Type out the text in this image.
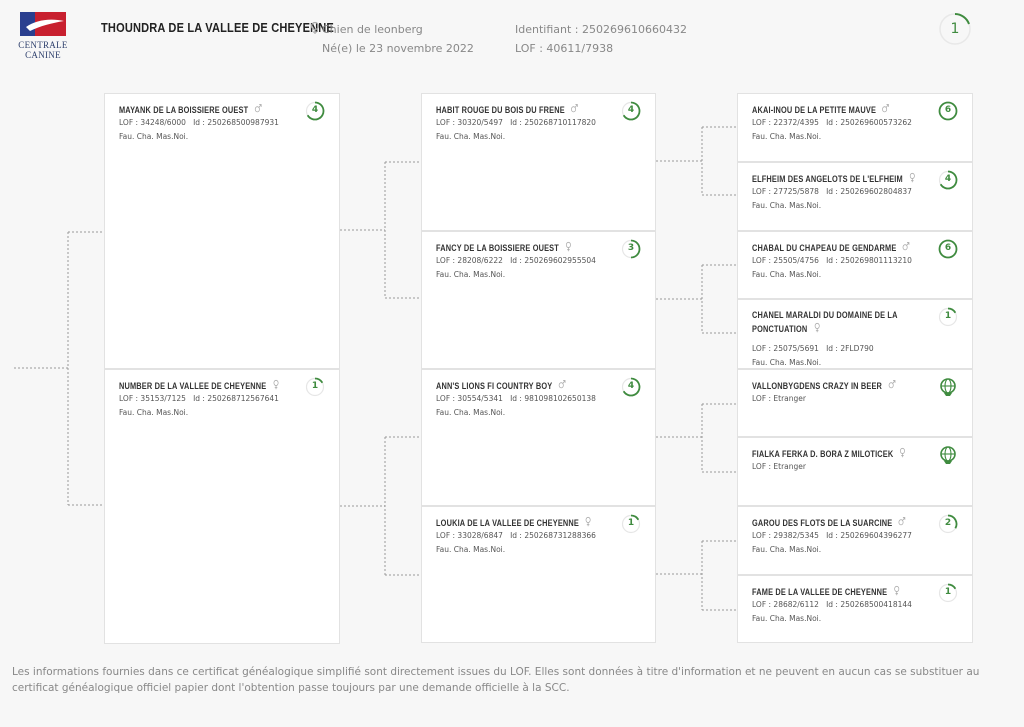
CENTRALE
CANINE
THOUNDRA DE LA VALLEE DE CHEYENNE
Chien de leonberg
Né(e) le 23 novembre 2022
Identifiant : 250269610660432
LOF : 40611/7938
1
MAYANK DE LA BOISSIERE OUEST
LOF : 34248/6000 Id : 250268500987931
Fau. Cha. Mas.Noi.
4
NUMBER DE LA VALLEE DE CHEYENNE
LOF : 35153/7125 Id : 250268712567641
Fau. Cha. Mas.Noi.
1
HABIT ROUGE DU BOIS DU FRENE
LOF : 30320/5497 Id : 250268710117820
Fau. Cha. Mas.Noi.
4
FANCY DE LA BOISSIERE OUEST
LOF : 28208/6222 Id : 250269602955504
Fau. Cha. Mas.Noi.
3
ANN'S LIONS FI COUNTRY BOY
LOF : 30554/5341 Id : 981098102650138
Fau. Cha. Mas.Noi.
4
LOUKIA DE LA VALLEE DE CHEYENNE
LOF : 33028/6847 Id : 250268731288366
Fau. Cha. Mas.Noi.
1
AKAI-INOU DE LA PETITE MAUVE
LOF : 22372/4395 Id : 250269600573262
Fau. Cha. Mas.Noi.
6
ELFHEIM DES ANGELOTS DE L'ELFHEIM
LOF : 27725/5878 Id : 250269602804837
Fau. Cha. Mas.Noi.
4
CHABAL DU CHAPEAU DE GENDARME
LOF : 25505/4756 Id : 250269801113210
Fau. Cha. Mas.Noi.
6
CHANEL MARALDI DU DOMAINE DE LA PONCTUATION
LOF : 25075/5691 Id : 2FLD790
Fau. Cha. Mas.Noi.
1
VALLONBYGDENS CRAZY IN BEER
LOF : Etranger
FIALKA FERKA D. BORA Z MILOTICEK
LOF : Etranger
GAROU DES FLOTS DE LA SUARCINE
LOF : 29382/5345 Id : 250269604396277
Fau. Cha. Mas.Noi.
2
FAME DE LA VALLEE DE CHEYENNE
LOF : 28682/6112 Id : 250268500418144
Fau. Cha. Mas.Noi.
1
Les informations fournies dans ce certificat généalogique simplifié sont directement issues du LOF. Elles sont données à titre d'information et ne peuvent en aucun cas se substituer au certificat généalogique officiel papier dont l'obtention passe toujours par une demande officielle à la SCC.
